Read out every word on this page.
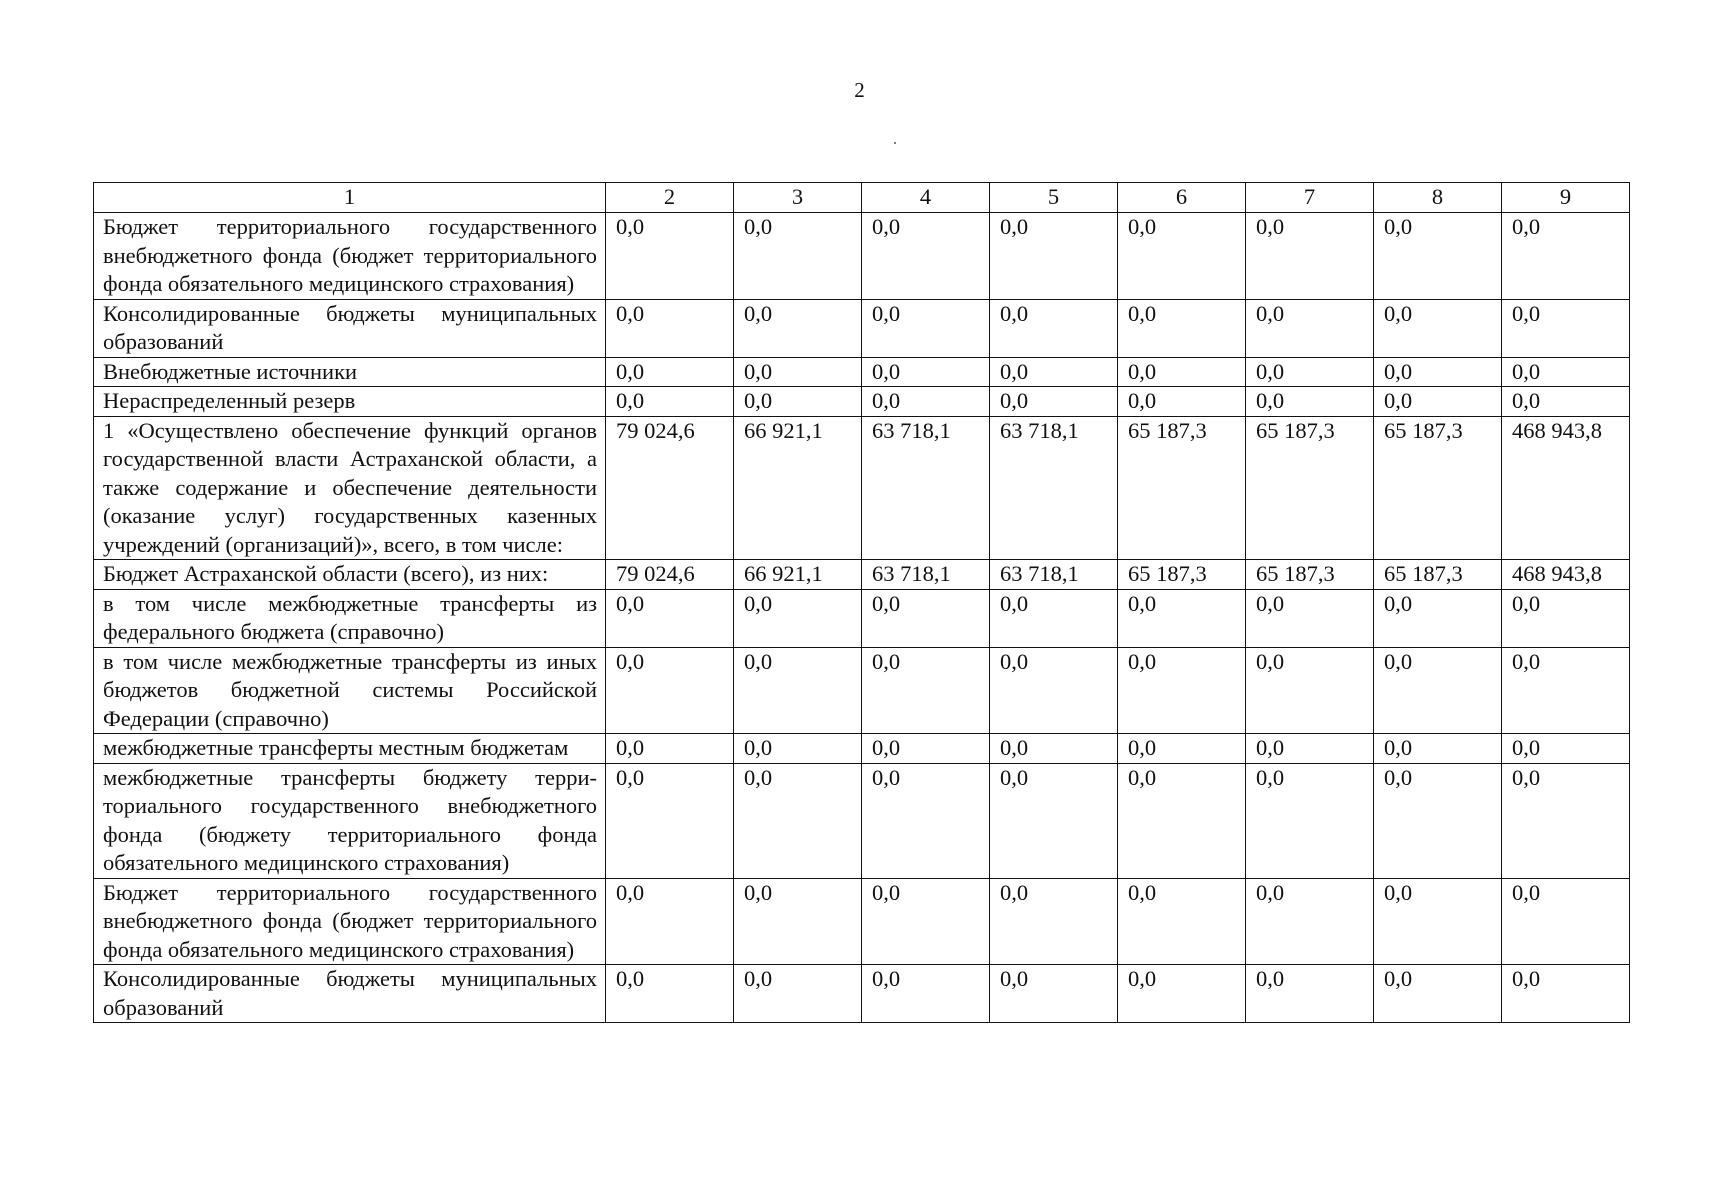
2
1	2	3	4	5	6	7	8	9
Бюджет территориального государственного внебюджетного фонда (бюджет территориального фонда обязательного медицинского страхования)	0,0	0,0	0,0	0,0	0,0	0,0	0,0	0,0
Консолидированные бюджеты муниципальных образований	0,0	0,0	0,0	0,0	0,0	0,0	0,0	0,0
Внебюджетные источники	0,0	0,0	0,0	0,0	0,0	0,0	0,0	0,0
Нераспределенный резерв	0,0	0,0	0,0	0,0	0,0	0,0	0,0	0,0
1 «Осуществлено обеспечение функций органов государственной власти Астраханской области, а также содержание и обеспечение деятельности (оказание услуг) государственных казенных учреждений (организаций)», всего, в том числе:	79 024,6	66 921,1	63 718,1	63 718,1	65 187,3	65 187,3	65 187,3	468 943,8
Бюджет Астраханской области (всего), из них:	79 024,6	66 921,1	63 718,1	63 718,1	65 187,3	65 187,3	65 187,3	468 943,8
в том числе межбюджетные трансферты из федерального бюджета (справочно)	0,0	0,0	0,0	0,0	0,0	0,0	0,0	0,0
в том числе межбюджетные трансферты из иных бюджетов бюджетной системы Российской Федерации (справочно)	0,0	0,0	0,0	0,0	0,0	0,0	0,0	0,0
межбюджетные трансферты местным бюджетам	0,0	0,0	0,0	0,0	0,0	0,0	0,0	0,0
межбюджетные трансферты бюджету территориального государственного внебюджетного фонда (бюджету территориального фонда обязательного медицинского страхования)	0,0	0,0	0,0	0,0	0,0	0,0	0,0	0,0
Бюджет территориального государственного внебюджетного фонда (бюджет территориального фонда обязательного медицинского страхования)	0,0	0,0	0,0	0,0	0,0	0,0	0,0	0,0
Консолидированные бюджеты муниципальных образований	0,0	0,0	0,0	0,0	0,0	0,0	0,0	0,0
